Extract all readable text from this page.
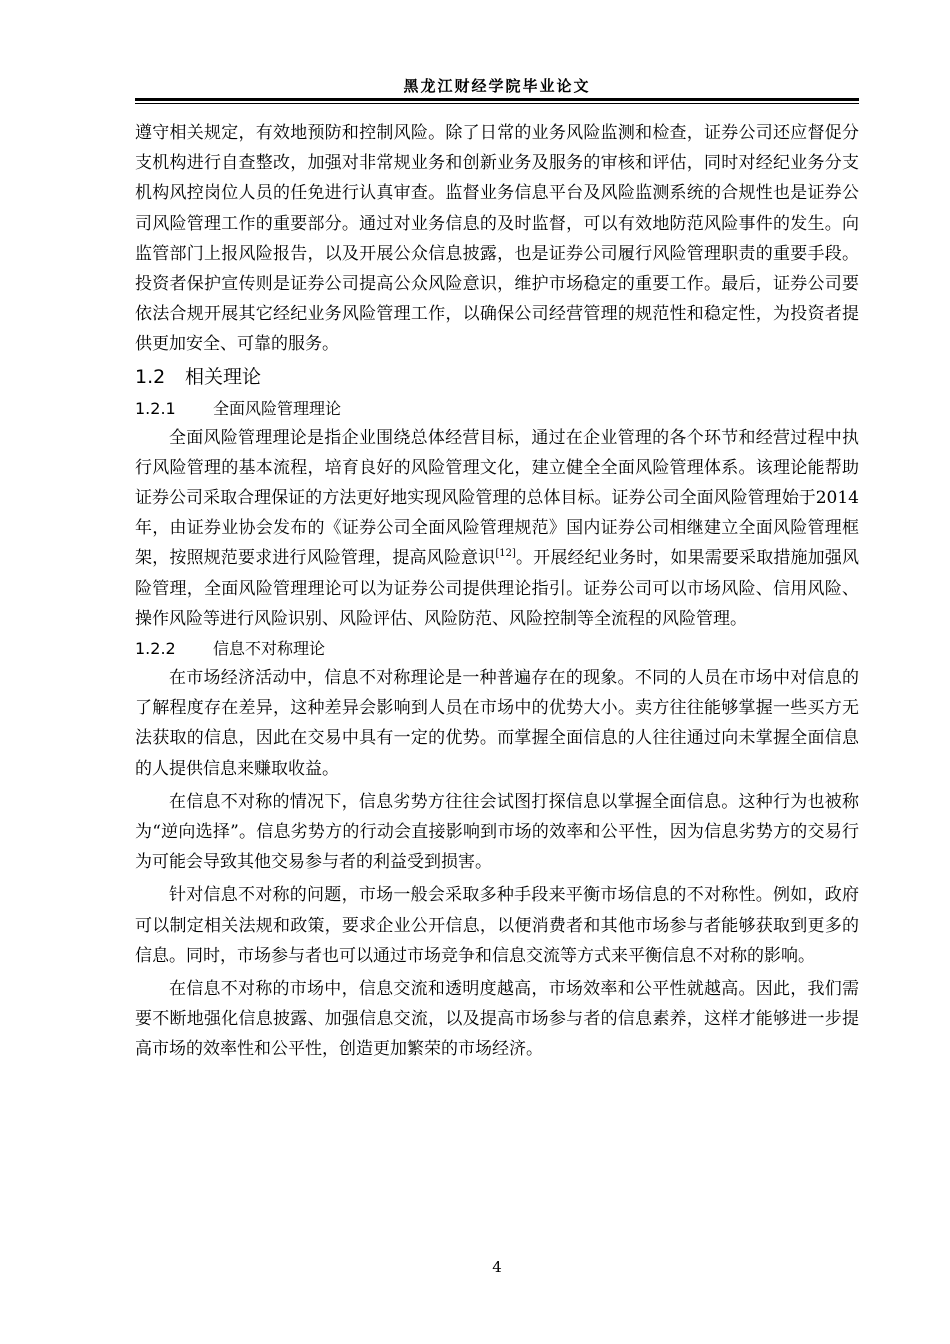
黑龙江财经学院毕业论文

遵守相关规定，有效地预防和控制风险。除了日常的业务风险监测和检查，证券公司还应督促分支机构进行自查整改，加强对非常规业务和创新业务及服务的审核和评估，同时对经纪业务分支机构风控岗位人员的任免进行认真审查。监督业务信息平台及风险监测系统的合规性也是证券公司风险管理工作的重要部分。通过对业务信息的及时监督，可以有效地防范风险事件的发生。向监管部门上报风险报告，以及开展公众信息披露，也是证券公司履行风险管理职责的重要手段。投资者保护宣传则是证券公司提高公众风险意识，维护市场稳定的重要工作。最后，证券公司要依法合规开展其它经纪业务风险管理工作，以确保公司经营管理的规范性和稳定性，为投资者提供更加安全、可靠的服务。

1.2 相关理论
1.2.1 全面风险管理理论

全面风险管理理论是指企业围绕总体经营目标，通过在企业管理的各个环节和经营过程中执行风险管理的基本流程，培育良好的风险管理文化，建立健全全面风险管理体系。该理论能帮助证券公司采取合理保证的方法更好地实现风险管理的总体目标。证券公司全面风险管理始于2014年，由证券业协会发布的《证券公司全面风险管理规范》国内证券公司相继建立全面风险管理框架，按照规范要求进行风险管理，提高风险意识[12]。开展经纪业务时，如果需要采取措施加强风险管理，全面风险管理理论可以为证券公司提供理论指引。证券公司可以市场风险、信用风险、操作风险等进行风险识别、风险评估、风险防范、风险控制等全流程的风险管理。

1.2.2 信息不对称理论

在市场经济活动中，信息不对称理论是一种普遍存在的现象。不同的人员在市场中对信息的了解程度存在差异，这种差异会影响到人员在市场中的优势大小。卖方往往能够掌握一些买方无法获取的信息，因此在交易中具有一定的优势。而掌握全面信息的人往往通过向未掌握全面信息的人提供信息来赚取收益。

在信息不对称的情况下，信息劣势方往往会试图打探信息以掌握全面信息。这种行为也被称为“逆向选择”。信息劣势方的行动会直接影响到市场的效率和公平性，因为信息劣势方的交易行为可能会导致其他交易参与者的利益受到损害。

针对信息不对称的问题，市场一般会采取多种手段来平衡市场信息的不对称性。例如，政府可以制定相关法规和政策，要求企业公开信息，以便消费者和其他市场参与者能够获取到更多的信息。同时，市场参与者也可以通过市场竞争和信息交流等方式来平衡信息不对称的影响。

在信息不对称的市场中，信息交流和透明度越高，市场效率和公平性就越高。因此，我们需要不断地强化信息披露、加强信息交流，以及提高市场参与者的信息素养，这样才能够进一步提高市场的效率性和公平性，创造更加繁荣的市场经济。

4
